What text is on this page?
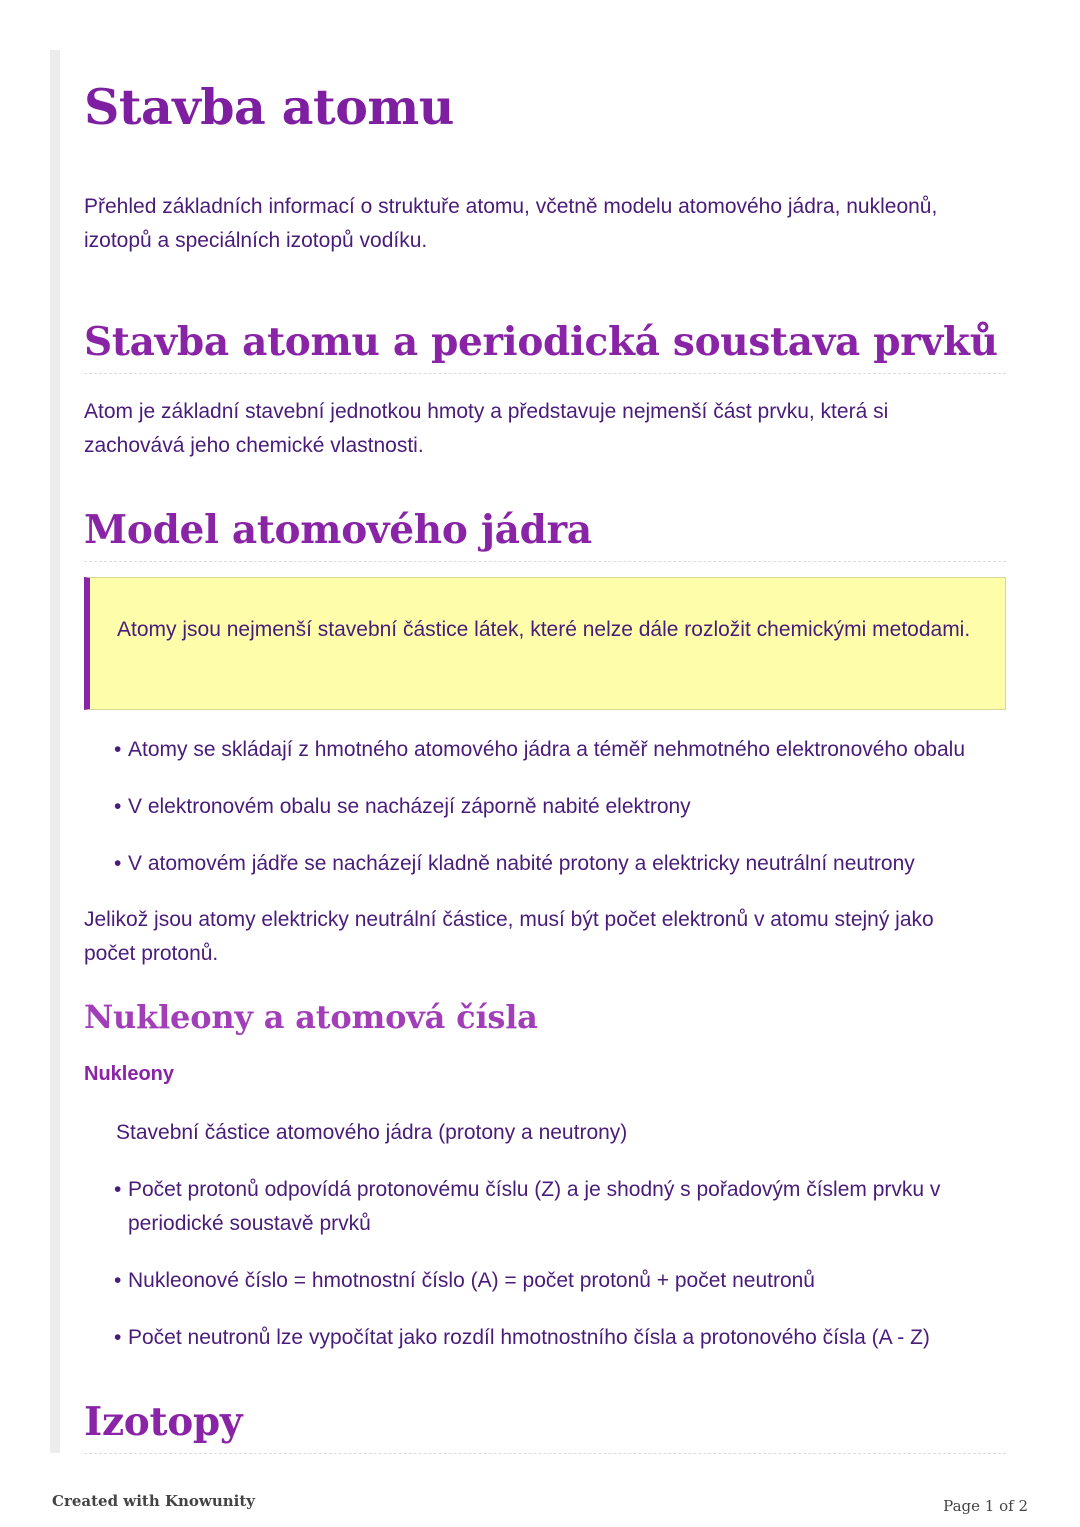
Stavba atomu

Přehled základních informací o struktuře atomu, včetně modelu atomového jádra, nukleonů, izotopů a speciálních izotopů vodíku.

Stavba atomu a periodická soustava prvků

Atom je základní stavební jednotkou hmoty a představuje nejmenší část prvku, která si zachovává jeho chemické vlastnosti.

Model atomového jádra

Atomy jsou nejmenší stavební částice látek, které nelze dále rozložit chemickými metodami.

• Atomy se skládají z hmotného atomového jádra a téměř nehmotného elektronového obalu
• V elektronovém obalu se nacházejí záporně nabité elektrony
• V atomovém jádře se nacházejí kladně nabité protony a elektricky neutrální neutrony

Jelikož jsou atomy elektricky neutrální částice, musí být počet elektronů v atomu stejný jako počet protonů.

Nukleony a atomová čísla
Nukleony

Stavební částice atomového jádra (protony a neutrony)

• Počet protonů odpovídá protonovému číslu (Z) a je shodný s pořadovým číslem prvku v periodické soustavě prvků
• Nukleonové číslo = hmotnostní číslo (A) = počet protonů + počet neutronů
• Počet neutronů lze vypočítat jako rozdíl hmotnostního čísla a protonového čísla (A - Z)
Izotopy
Created with Knowunity	Page 1 of 2
